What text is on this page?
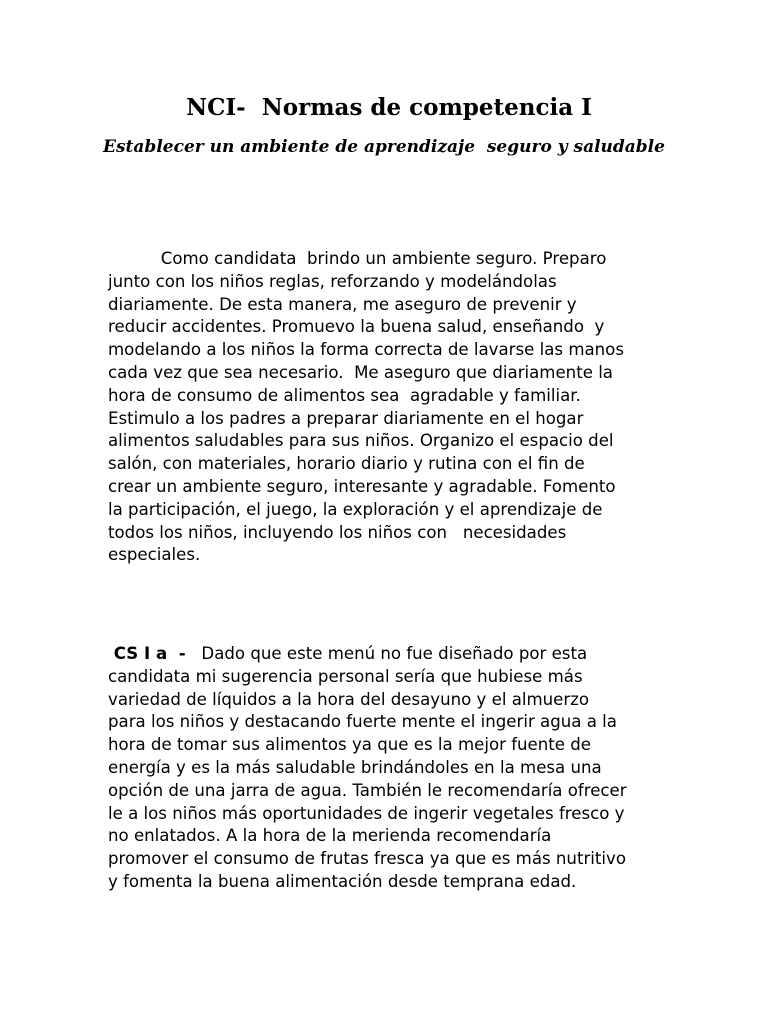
NCI-  Normas de competencia I
Establecer un ambiente de aprendizaje  seguro y saludable

Como candidata  brindo un ambiente seguro. Preparo
junto con los niños reglas, reforzando y modelándolas
diariamente. De esta manera, me aseguro de prevenir y
reducir accidentes. Promuevo la buena salud, enseñando  y
modelando a los niños la forma correcta de lavarse las manos
cada vez que sea necesario.  Me aseguro que diariamente la
hora de consumo de alimentos sea  agradable y familiar.
Estimulo a los padres a preparar diariamente en el hogar
alimentos saludables para sus niños. Organizo el espacio del
salón, con materiales, horario diario y rutina con el fin de
crear un ambiente seguro, interesante y agradable. Fomento
la participación, el juego, la exploración y el aprendizaje de
todos los niños, incluyendo los niños con   necesidades
especiales.

CS I a  -   Dado que este menú no fue diseñado por esta
candidata mi sugerencia personal sería que hubiese más
variedad de líquidos a la hora del desayuno y el almuerzo
para los niños y destacando fuerte mente el ingerir agua a la
hora de tomar sus alimentos ya que es la mejor fuente de
energía y es la más saludable brindándoles en la mesa una
opción de una jarra de agua. También le recomendaría ofrecer
le a los niños más oportunidades de ingerir vegetales fresco y
no enlatados. A la hora de la merienda recomendaría
promover el consumo de frutas fresca ya que es más nutritivo
y fomenta la buena alimentación desde temprana edad.
